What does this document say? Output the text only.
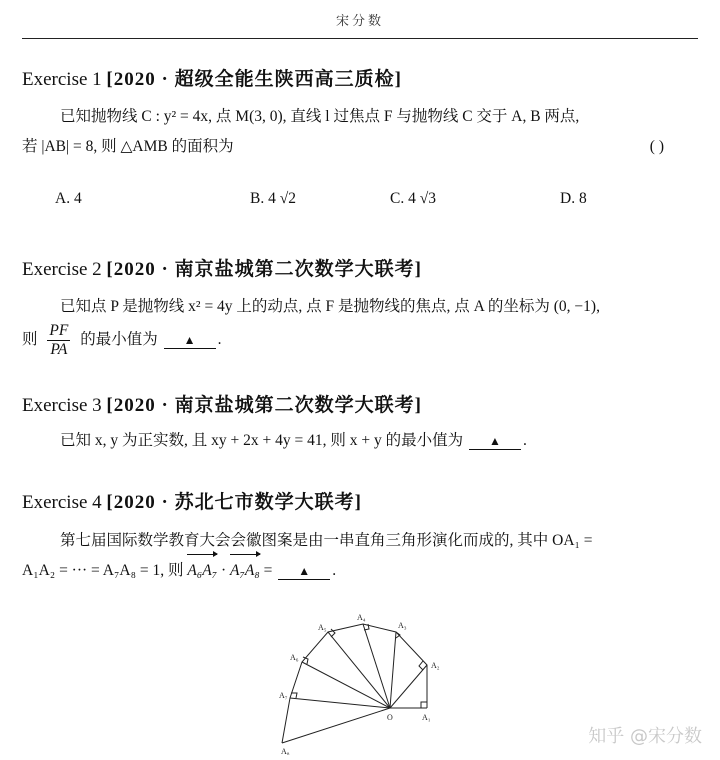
宋分数
Exercise 1 [2020 · 超级全能生陕西高三质检]
已知抛物线 C : y² = 4x, 点 M(3, 0), 直线 l 过焦点 F 与抛物线 C 交于 A, B 两点,
若 |AB| = 8, 则 △AMB 的面积为	( )
A. 4	B. 4 √2	C. 4 √3	D. 8
Exercise 2 [2020 · 南京盐城第二次数学大联考]
已知点 P 是抛物线 x² = 4y 上的动点, 点 F 是抛物线的焦点, 点 A 的坐标为 (0, −1),
则 $\frac{PF}{PA}$ 的最小值为 ▲ .
Exercise 3 [2020 · 南京盐城第二次数学大联考]
已知 x, y 为正实数, 且 xy + 2x + 4y = 41, 则 x + y 的最小值为 ▲ .
Exercise 4 [2020 · 苏北七市数学大联考]
第七届国际数学教育大会会徽图案是由一串直角三角形演化而成的, 其中 OA₁ =
A₁A₂ = ··· = A₇A₈ = 1, 则 A₆A₇ · A₇A₈ = ▲ .
O	A₁
A₂
A₃
A₄
A₅
A₆
A₇
A₈
知乎 @宋分数
